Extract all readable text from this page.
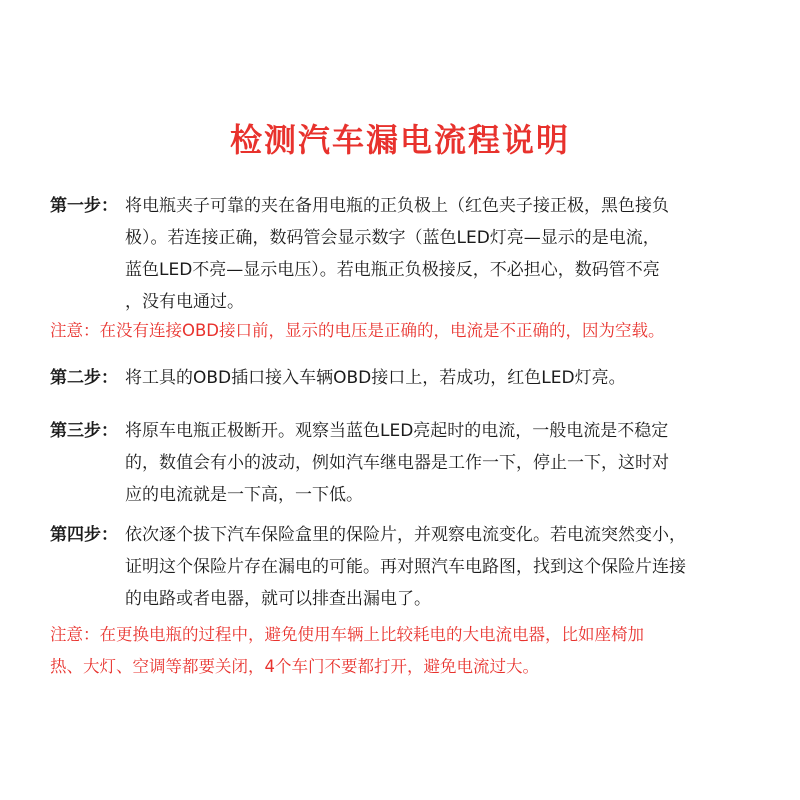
检测汽车漏电流程说明
第一步： 将电瓶夹子可靠的夹在备用电瓶的正负极上（红色夹子接正极，黑色接负
极）。若连接正确，数码管会显示数字（蓝色LED灯亮—显示的是电流，
蓝色LED不亮—显示电压）。若电瓶正负极接反，不必担心，数码管不亮
，没有电通过。
注意：在没有连接OBD接口前，显示的电压是正确的，电流是不正确的，因为空载。
第二步： 将工具的OBD插口接入车辆OBD接口上，若成功，红色LED灯亮。
第三步： 将原车电瓶正极断开。观察当蓝色LED亮起时的电流，一般电流是不稳定
的，数值会有小的波动，例如汽车继电器是工作一下，停止一下，这时对
应的电流就是一下高，一下低。
第四步： 依次逐个拔下汽车保险盒里的保险片，并观察电流变化。若电流突然变小，
证明这个保险片存在漏电的可能。再对照汽车电路图，找到这个保险片连接
的电路或者电器，就可以排查出漏电了。
注意：在更换电瓶的过程中，避免使用车辆上比较耗电的大电流电器，比如座椅加
热、大灯、空调等都要关闭，4个车门不要都打开，避免电流过大。
